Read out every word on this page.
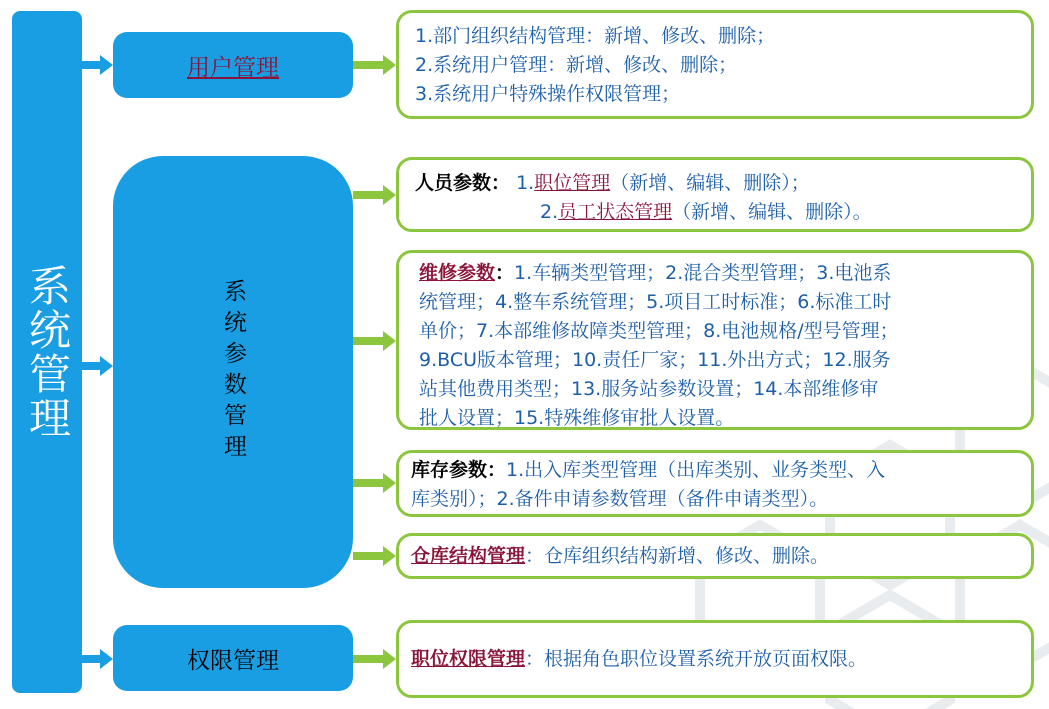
系统管理
用户管理
系统参数管理
权限管理
1.部门组织结构管理：新增、修改、删除；
2.系统用户管理：新增、修改、删除；
3.系统用户特殊操作权限管理；
人员参数： 1.职位管理（新增、编辑、删除）；
2.员工状态管理（新增、编辑、删除）。
维修参数：1.车辆类型管理；2.混合类型管理；3.电池系
统管理；4.整车系统管理；5.项目工时标准；6.标准工时
单价；7.本部维修故障类型管理；8.电池规格/型号管理；
9.BCU版本管理；10.责任厂家；11.外出方式；12.服务
站其他费用类型；13.服务站参数设置；14.本部维修审
批人设置；15.特殊维修审批人设置。
库存参数：1.出入库类型管理（出库类别、业务类型、入
库类别）；2.备件申请参数管理（备件申请类型）。
仓库结构管理：仓库组织结构新增、修改、删除。
职位权限管理：根据角色职位设置系统开放页面权限。
